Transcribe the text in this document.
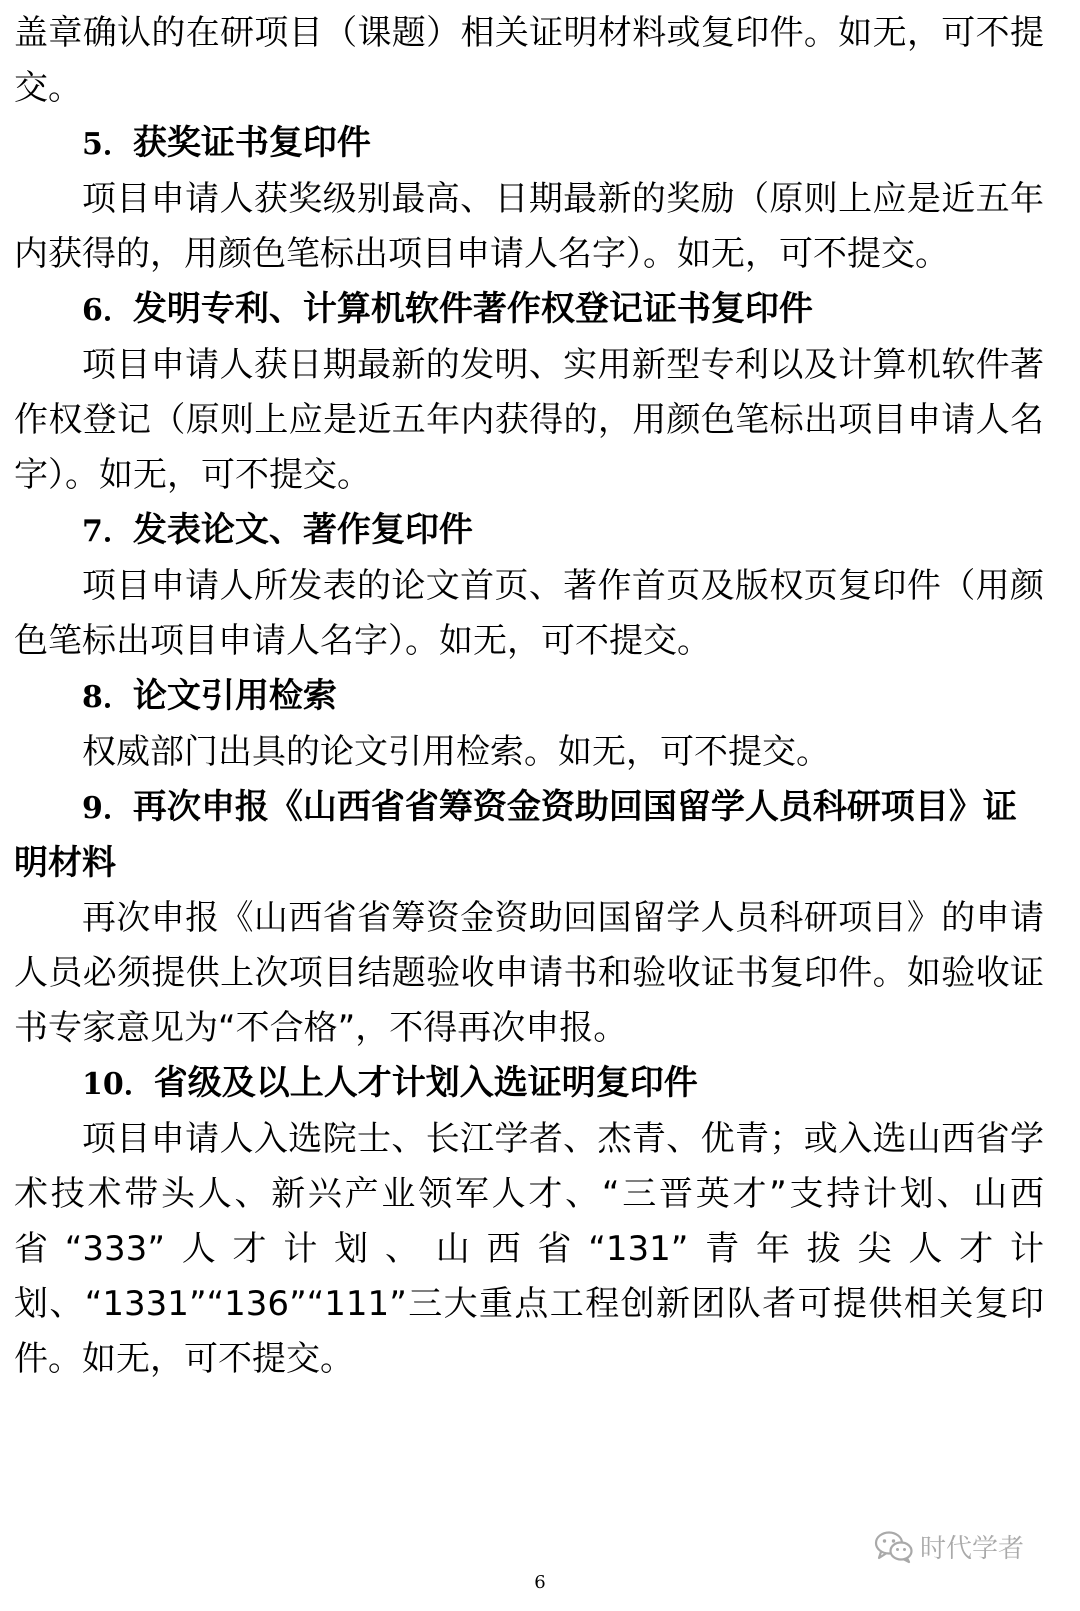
盖章确认的在研项目（课题）相关证明材料或复印件。如无，可不提交。

5．获奖证书复印件

项目申请人获奖级别最高、日期最新的奖励（原则上应是近五年内获得的，用颜色笔标出项目申请人名字）。如无，可不提交。

6．发明专利、计算机软件著作权登记证书复印件

项目申请人获日期最新的发明、实用新型专利以及计算机软件著作权登记（原则上应是近五年内获得的，用颜色笔标出项目申请人名字）。如无，可不提交。

7．发表论文、著作复印件

项目申请人所发表的论文首页、著作首页及版权页复印件（用颜色笔标出项目申请人名字）。如无，可不提交。

8．论文引用检索

权威部门出具的论文引用检索。如无，可不提交。

9．再次申报《山西省省筹资金资助回国留学人员科研项目》证明材料

再次申报《山西省省筹资金资助回国留学人员科研项目》的申请人员必须提供上次项目结题验收申请书和验收证书复印件。如验收证书专家意见为“不合格”，不得再次申报。

10．省级及以上人才计划入选证明复印件

项目申请人入选院士、长江学者、杰青、优青；或入选山西省学术技术带头人、新兴产业领军人才、“三晋英才”支持计划、山西省“333”人才计划、山西省“131”青年拔尖人才计划、“1331”“136”“111”三大重点工程创新团队者可提供相关复印件。如无，可不提交。

时代学者
6
